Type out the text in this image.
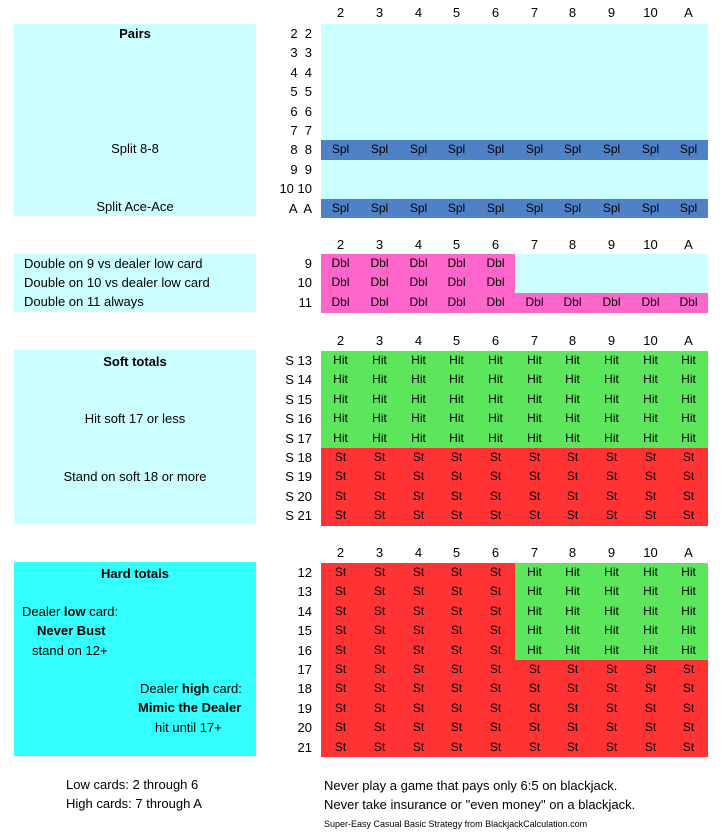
2	3	4	5	6	7	8	9	10	A
Pairs
Split 8-8
Split Ace-Ace
2  2
3  3
4  4
5  5
6  6
7  7
8  8	Spl	Spl	Spl	Spl	Spl	Spl	Spl	Spl	Spl	Spl
9  9
10 10
A  A	Spl	Spl	Spl	Spl	Spl	Spl	Spl	Spl	Spl	Spl
2	3	4	5	6	7	8	9	10	A
Double on 9 vs dealer low card
Double on 10 vs dealer low card
Double on 11 always
9	Dbl	Dbl	Dbl	Dbl	Dbl
10	Dbl	Dbl	Dbl	Dbl	Dbl
11	Dbl	Dbl	Dbl	Dbl	Dbl	Dbl	Dbl	Dbl	Dbl	Dbl
2	3	4	5	6	7	8	9	10	A
Soft totals
Hit soft 17 or less
Stand on soft 18 or more
S 13	Hit	Hit	Hit	Hit	Hit	Hit	Hit	Hit	Hit	Hit
S 14	Hit	Hit	Hit	Hit	Hit	Hit	Hit	Hit	Hit	Hit
S 15	Hit	Hit	Hit	Hit	Hit	Hit	Hit	Hit	Hit	Hit
S 16	Hit	Hit	Hit	Hit	Hit	Hit	Hit	Hit	Hit	Hit
S 17	Hit	Hit	Hit	Hit	Hit	Hit	Hit	Hit	Hit	Hit
S 18	St	St	St	St	St	St	St	St	St	St
S 19	St	St	St	St	St	St	St	St	St	St
S 20	St	St	St	St	St	St	St	St	St	St
S 21	St	St	St	St	St	St	St	St	St	St
2	3	4	5	6	7	8	9	10	A
Hard totals
Dealer low card:
Never Bust
stand on 12+
Dealer high card:
Mimic the Dealer
hit until 17+
12	St	St	St	St	St	Hit	Hit	Hit	Hit	Hit
13	St	St	St	St	St	Hit	Hit	Hit	Hit	Hit
14	St	St	St	St	St	Hit	Hit	Hit	Hit	Hit
15	St	St	St	St	St	Hit	Hit	Hit	Hit	Hit
16	St	St	St	St	St	Hit	Hit	Hit	Hit	Hit
17	St	St	St	St	St	St	St	St	St	St
18	St	St	St	St	St	St	St	St	St	St
19	St	St	St	St	St	St	St	St	St	St
20	St	St	St	St	St	St	St	St	St	St
21	St	St	St	St	St	St	St	St	St	St
Low cards: 2 through 6
High cards: 7 through A
Never play a game that pays only 6:5 on blackjack.
Never take insurance or "even money" on a blackjack.
Super-Easy Casual Basic Strategy from BlackjackCalculation.com
